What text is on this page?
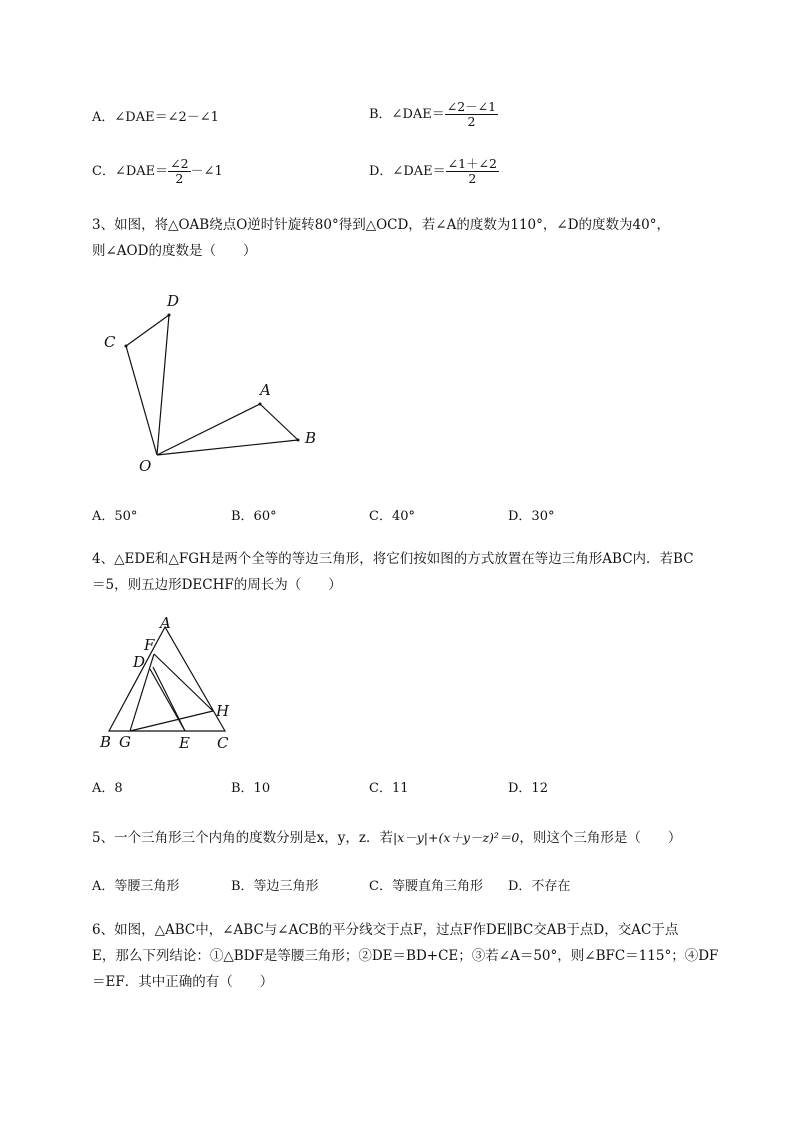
A．∠DAE＝∠2－∠1	B．∠DAE＝ $\frac{\angle 2-\angle 1}{2}$
C．∠DAE＝ $\frac{\angle 2}{2}$ －∠1	D．∠DAE＝ $\frac{\angle 1+\angle 2}{2}$
3、如图，将△OAB绕点O逆时针旋转80°得到△OCD，若∠A的度数为110°，∠D的度数为40°，
则∠AOD的度数是（　　）
D
C
A
B
O
A．50°	B．60°	C．40°	D．30°
4、△EDE和△FGH是两个全等的等边三角形，将它们按如图的方式放置在等边三角形ABC内．若BC
＝5，则五边形DECHF的周长为（　　）
A
F
D
H
B G	E C
A．8	B．10	C．11	D．12
5、一个三角形三个内角的度数分别是x，y，z．若|x－y|+(x＋y－z)²＝0，则这个三角形是（　　）
A．等腰三角形	B．等边三角形	C．等腰直角三角形 D．不存在
6、如图，△ABC中，∠ABC与∠ACB的平分线交于点F，过点F作DE∥BC交AB于点D，交AC于点
E，那么下列结论：①△BDF是等腰三角形；②DE＝BD+CE；③若∠A＝50°，则∠BFC＝115°；④DF
＝EF．其中正确的有（　　）
